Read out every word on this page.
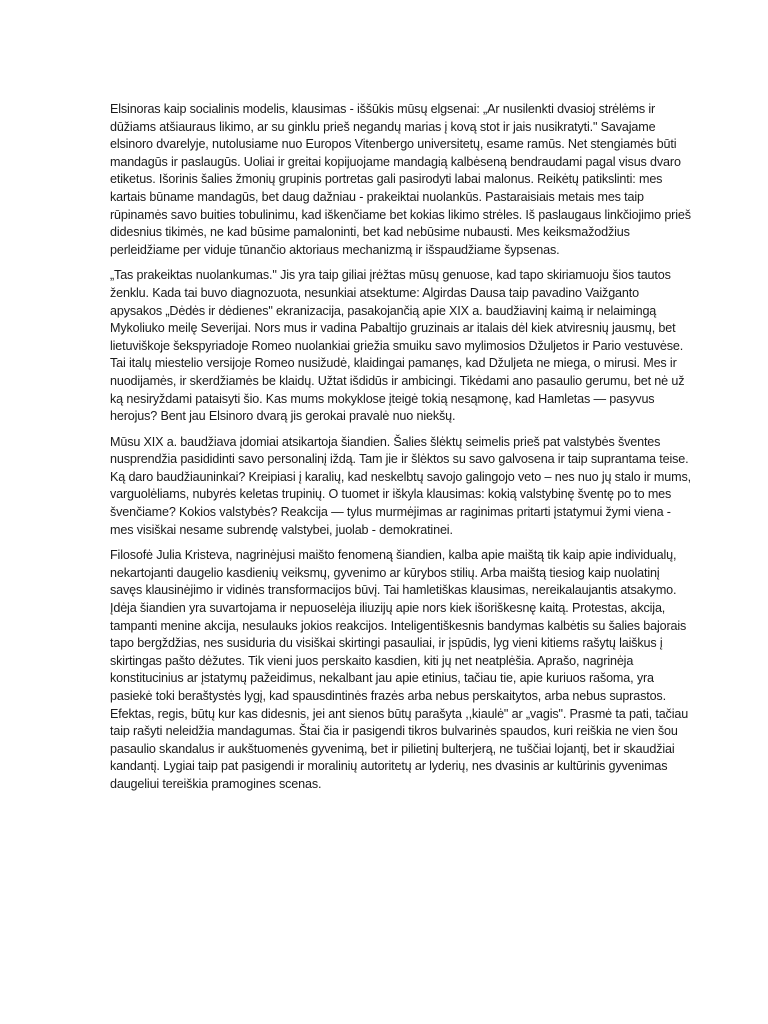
Elsinoras kaip socialinis modelis, klausimas - iššūkis mūsų elgsenai: „Ar nusilenkti dvasioj strėlėms ir dūžiams atšiauraus likimo, ar su ginklu prieš negandų marias į kovą stot ir jais nusikratyti." Savajame elsinoro dvarelyje, nutolusiame nuo Europos Vitenbergo universitetų, esame ramūs. Net stengiamės būti mandagūs ir paslaugūs. Uoliai ir greitai kopijuojame mandagią kalbėseną bendraudami pagal visus dvaro etiketus. Išorinis šalies žmonių grupinis portretas gali pasirodyti labai malonus. Reikėtų patikslinti: mes kartais būname mandagūs, bet daug dažniau - prakeiktai nuolankūs. Pastaraisiais metais mes taip rūpinamės savo buities tobulinimu, kad iškenčiame bet kokias likimo strėles. Iš paslaugaus linkčiojimo prieš didesnius tikimės, ne kad būsime pamaloninti, bet kad nebūsime nubausti. Mes keiksmažodžius perleidžiame per viduje tūnančio aktoriaus mechanizmą ir išspaudžiame šypsenas.

„Tas prakeiktas nuolankumas." Jis yra taip giliai įrėžtas mūsų genuose, kad tapo skiriamuoju šios tautos ženklu. Kada tai buvo diagnozuota, nesunkiai atsektume: Algirdas Dausa taip pavadino Vaižganto apysakos „Dėdės ir dėdienes" ekranizacija, pasakojančią apie XIX a. baudžiavinį kaimą ir nelaimingą Mykoliuko meilę Severijai. Nors mus ir vadina Pabaltijo gruzinais ar italais dėl kiek atviresnių jausmų, bet lietuviškoje šekspyriadoje Romeo nuolankiai griežia smuiku savo mylimosios Džuljetos ir Pario vestuvėse. Tai italų miestelio versijoje Romeo nusižudė, klaidingai pamanęs, kad Džuljeta ne miega, o mirusi. Mes ir nuodijamės, ir skerdžiamės be klaidų. Užtat išdidūs ir ambicingi. Tikėdami ano pasaulio gerumu, bet nė už ką nesiryždami pataisyti šio. Kas mums mokyklose įteigė tokią nesąmonę, kad Hamletas — pasyvus herojus? Bent jau Elsinoro dvarą jis gerokai pravalė nuo niekšų.

Mūsu XIX a. baudžiava įdomiai atsikartoja šiandien. Šalies šlėktų seimelis prieš pat valstybės šventes nusprendžia pasididinti savo personalinį iždą. Tam jie ir šlėktos su savo galvosena ir taip suprantama teise. Ką daro baudžiauninkai? Kreipiasi į karalių, kad neskelbtų savojo galingojo veto – nes nuo jų stalo ir mums, varguolėliams, nubyrės keletas trupinių. O tuomet ir iškyla klausimas: kokią valstybinę šventę po to mes švenčiame? Kokios valstybės? Reakcija — tylus murmėjimas ar raginimas pritarti įstatymui žymi viena - mes visiškai nesame subrendę valstybei, juolab - demokratinei.

Filosofė Julia Kristeva, nagrinėjusi maišto fenomeną šiandien, kalba apie maištą tik kaip apie individualų, nekartojanti daugelio kasdienių veiksmų, gyvenimo ar kūrybos stilių. Arba maištą tiesiog kaip nuolatinį savęs klausinėjimo ir vidinės transformacijos būvį. Tai hamletiškas klausimas, nereikalaujantis atsakymo. Įdėja šiandien yra suvartojama ir nepuoselėja iliuzijų apie nors kiek išoriškesnę kaitą. Protestas, akcija, tampanti menine akcija, nesulauks jokios reakcijos. Inteligentiškesnis bandymas kalbėtis su šalies bajorais tapo bergždžias, nes susiduria du visiškai skirtingi pasauliai, ir įspūdis, lyg vieni kitiems rašytų laiškus į skirtingas pašto dėžutes. Tik vieni juos perskaito kasdien, kiti jų net neatplėšia. Aprašo, nagrinėja konstitucinius ar įstatymų pažeidimus, nekalbant jau apie etinius, tačiau tie, apie kuriuos rašoma, yra pasiekė toki beraštystės lygį, kad spausdintinės frazės arba nebus perskaitytos, arba nebus suprastos. Efektas, regis, būtų kur kas didesnis, jei ant sienos būtų parašyta ,,kiaulė" ar „vagis". Prasmė ta pati, tačiau taip rašyti neleidžia mandagumas. Štai čia ir pasigendi tikros bulvarinės spaudos, kuri reiškia ne vien šou pasaulio skandalus ir aukštuomenės gyvenimą, bet ir pilietinį bulterjerą, ne tuščiai lojantį, bet ir skaudžiai kandantį. Lygiai taip pat pasigendi ir moralinių autoritetų ar lyderių, nes dvasinis ar kultūrinis gyvenimas daugeliui tereiškia pramogines scenas.
